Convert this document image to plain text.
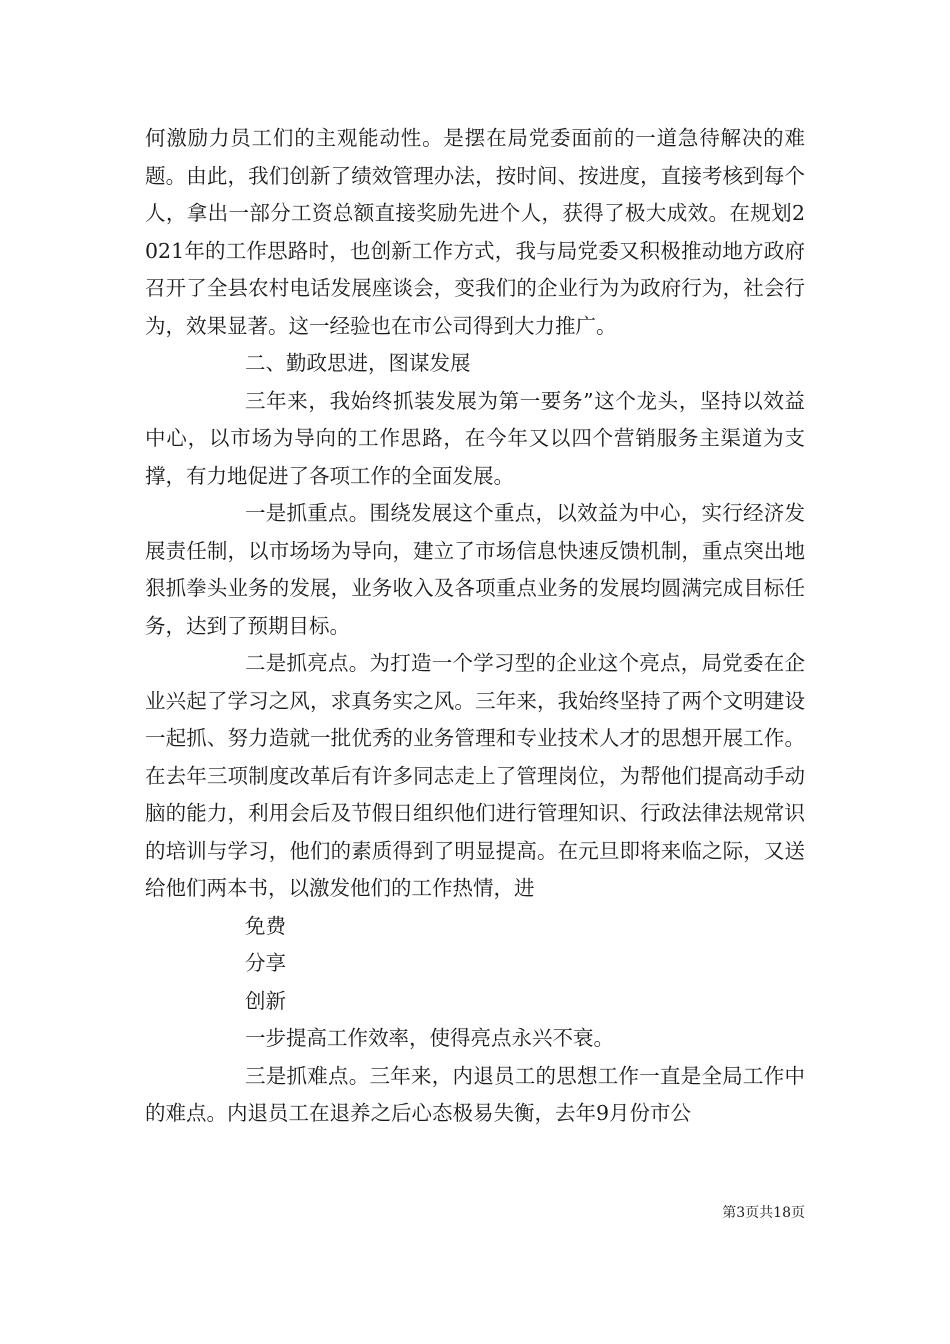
何激励力员工们的主观能动性。是摆在局党委面前的一道急待解决的难题。由此，我们创新了绩效管理办法，按时间、按进度，直接考核到每个人，拿出一部分工资总额直接奖励先进个人，获得了极大成效。在规划2021年的工作思路时，也创新工作方式，我与局党委又积极推动地方政府召开了全县农村电话发展座谈会，变我们的企业行为为政府行为，社会行为，效果显著。这一经验也在市公司得到大力推广。

二、勤政思进，图谋发展

三年来，我始终抓装发展为第一要务”这个龙头，坚持以效益中心，以市场为导向的工作思路，在今年又以四个营销服务主渠道为支撑，有力地促进了各项工作的全面发展。

一是抓重点。围绕发展这个重点，以效益为中心，实行经济发展责任制，以市场场为导向，建立了市场信息快速反馈机制，重点突出地狠抓拳头业务的发展，业务收入及各项重点业务的发展均圆满完成目标任务，达到了预期目标。

二是抓亮点。为打造一个学习型的企业这个亮点，局党委在企业兴起了学习之风，求真务实之风。三年来，我始终坚持了两个文明建设一起抓、努力造就一批优秀的业务管理和专业技术人才的思想开展工作。在去年三项制度改革后有许多同志走上了管理岗位，为帮他们提高动手动脑的能力，利用会后及节假日组织他们进行管理知识、行政法律法规常识的培训与学习，他们的素质得到了明显提高。在元旦即将来临之际，又送给他们两本书，以激发他们的工作热情，进

免费

分享

创新

一步提高工作效率，使得亮点永兴不衰。

三是抓难点。三年来，内退员工的思想工作一直是全局工作中的难点。内退员工在退养之后心态极易失衡，去年9月份市公

第3页共18页
